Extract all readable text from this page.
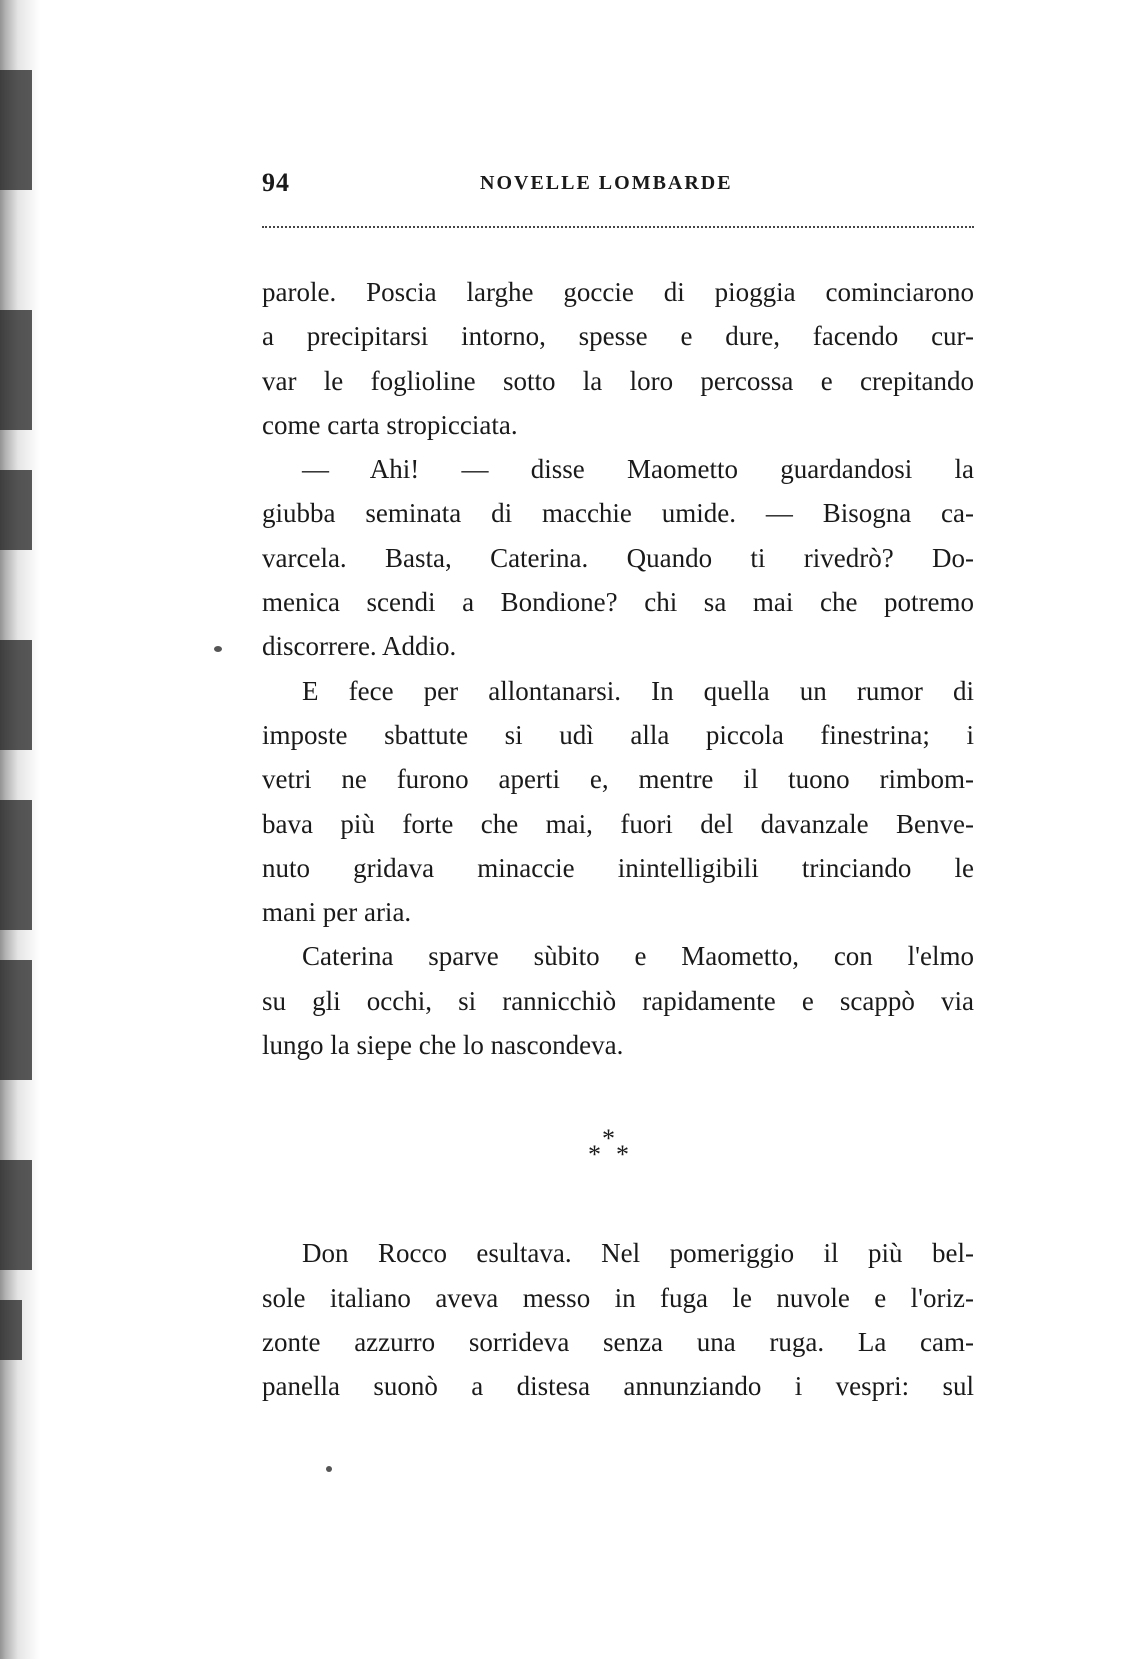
94	NOVELLE LOMBARDE
parole. Poscia larghe goccie di pioggia cominciarono
a precipitarsi intorno, spesse e dure, facendo cur-
var le foglioline sotto la loro percossa e crepitando
come carta stropicciata.
— Ahi! — disse Maometto guardandosi la
giubba seminata di macchie umide. — Bisogna ca-
varcela. Basta, Caterina. Quando ti rivedrò? Do-
menica scendi a Bondione? chi sa mai che potremo
discorrere. Addio.
E fece per allontanarsi. In quella un rumor di
imposte sbattute si udì alla piccola finestrina; i
vetri ne furono aperti e, mentre il tuono rimbom-
bava più forte che mai, fuori del davanzale Benve-
nuto gridava minaccie inintelligibili trinciando le
mani per aria.
Caterina sparve sùbito e Maometto, con l'elmo
su gli occhi, si rannicchiò rapidamente e scappò via
lungo la siepe che lo nascondeva.
*
* *
Don Rocco esultava. Nel pomeriggio il più bel-
sole italiano aveva messo in fuga le nuvole e l'oriz-
zonte azzurro sorrideva senza una ruga. La cam-
panella suonò a distesa annunziando i vespri: sul
